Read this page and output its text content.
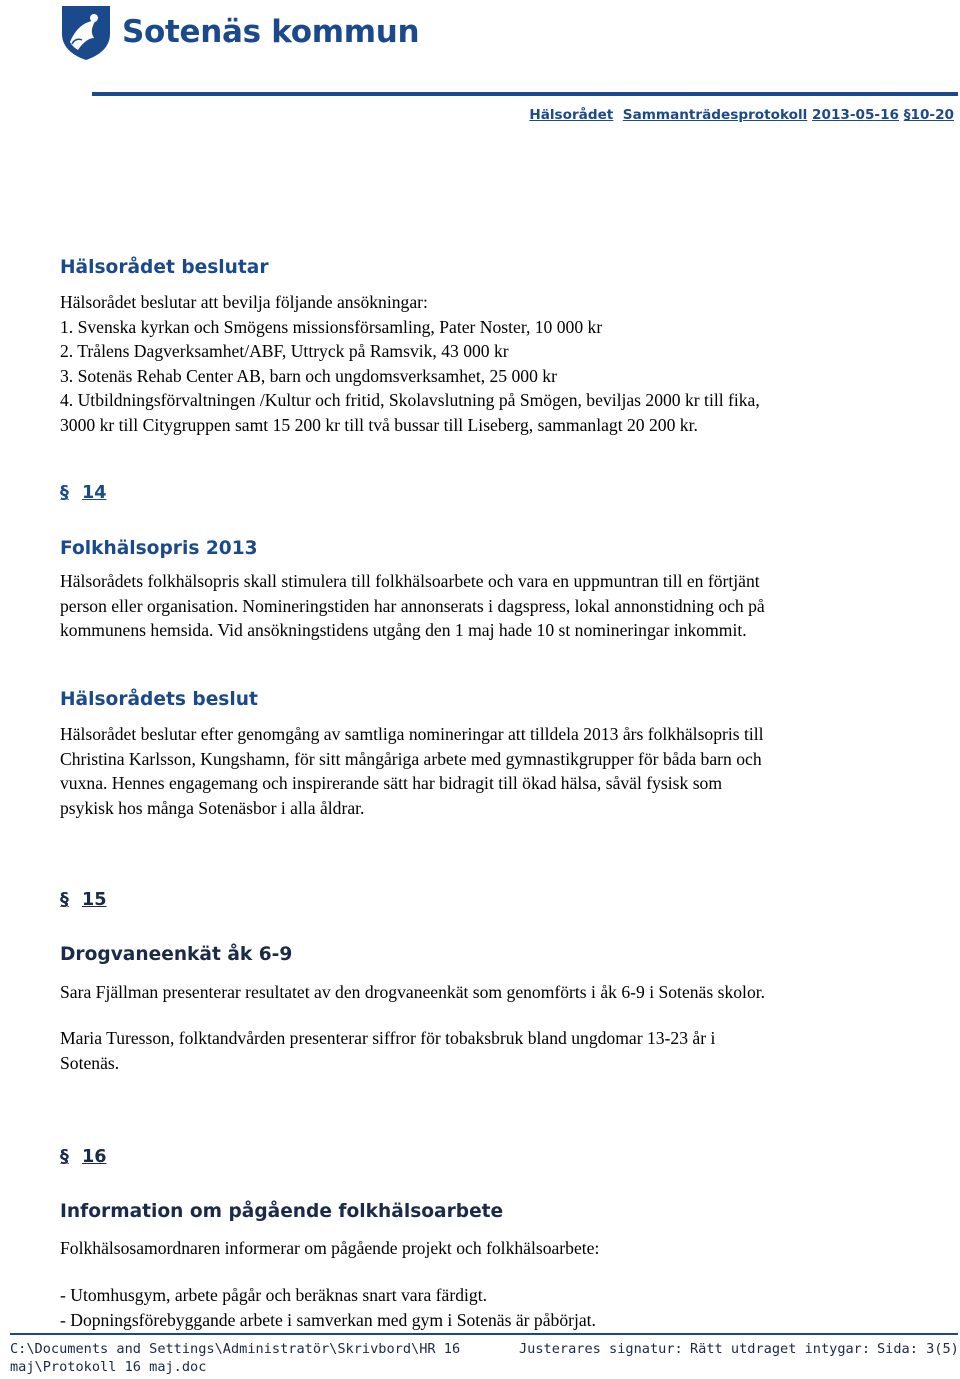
Sotenäs kommun
Hälsorådet Sammanträdesprotokoll 2013-05-16 §10-20
Hälsorådet beslutar
Hälsorådet beslutar att bevilja följande ansökningar:
1. Svenska kyrkan och Smögens missionsförsamling, Pater Noster, 10 000 kr
2. Trålens Dagverksamhet/ABF, Uttryck på Ramsvik, 43 000 kr
3. Sotenäs Rehab Center AB, barn och ungdomsverksamhet, 25 000 kr
4. Utbildningsförvaltningen /Kultur och fritid, Skolavslutning på Smögen, beviljas 2000 kr till fika,
3000 kr till Citygruppen samt 15 200 kr till två bussar till Liseberg, sammanlagt 20 200 kr.
§ 14
Folkhälsopris 2013
Hälsorådets folkhälsopris skall stimulera till folkhälsoarbete och vara en uppmuntran till en förtjänt
person eller organisation. Nomineringstiden har annonserats i dagspress, lokal annonstidning och på
kommunens hemsida. Vid ansökningstidens utgång den 1 maj hade 10 st nomineringar inkommit.
Hälsorådets beslut
Hälsorådet beslutar efter genomgång av samtliga nomineringar att tilldela 2013 års folkhälsopris till
Christina Karlsson, Kungshamn, för sitt mångåriga arbete med gymnastikgrupper för båda barn och
vuxna. Hennes engagemang och inspirerande sätt har bidragit till ökad hälsa, såväl fysisk som
psykisk hos många Sotenäsbor i alla åldrar.
§ 15
Drogvaneenkät åk 6-9
Sara Fjällman presenterar resultatet av den drogvaneenkät som genomförts i åk 6-9 i Sotenäs skolor.
Maria Turesson, folktandvården presenterar siffror för tobaksbruk bland ungdomar 13-23 år i
Sotenäs.
§ 16
Information om pågående folkhälsoarbete
Folkhälsosamordnaren informerar om pågående projekt och folkhälsoarbete:
- Utomhusgym, arbete pågår och beräknas snart vara färdigt.
- Dopningsförebyggande arbete i samverkan med gym i Sotenäs är påbörjat.
C:\Documents and Settings\Administratör\Skrivbord\HR 16
maj\Protokoll 16 maj.doc
Justerares signatur: Rätt utdraget intygar: Sida: 3(5)
